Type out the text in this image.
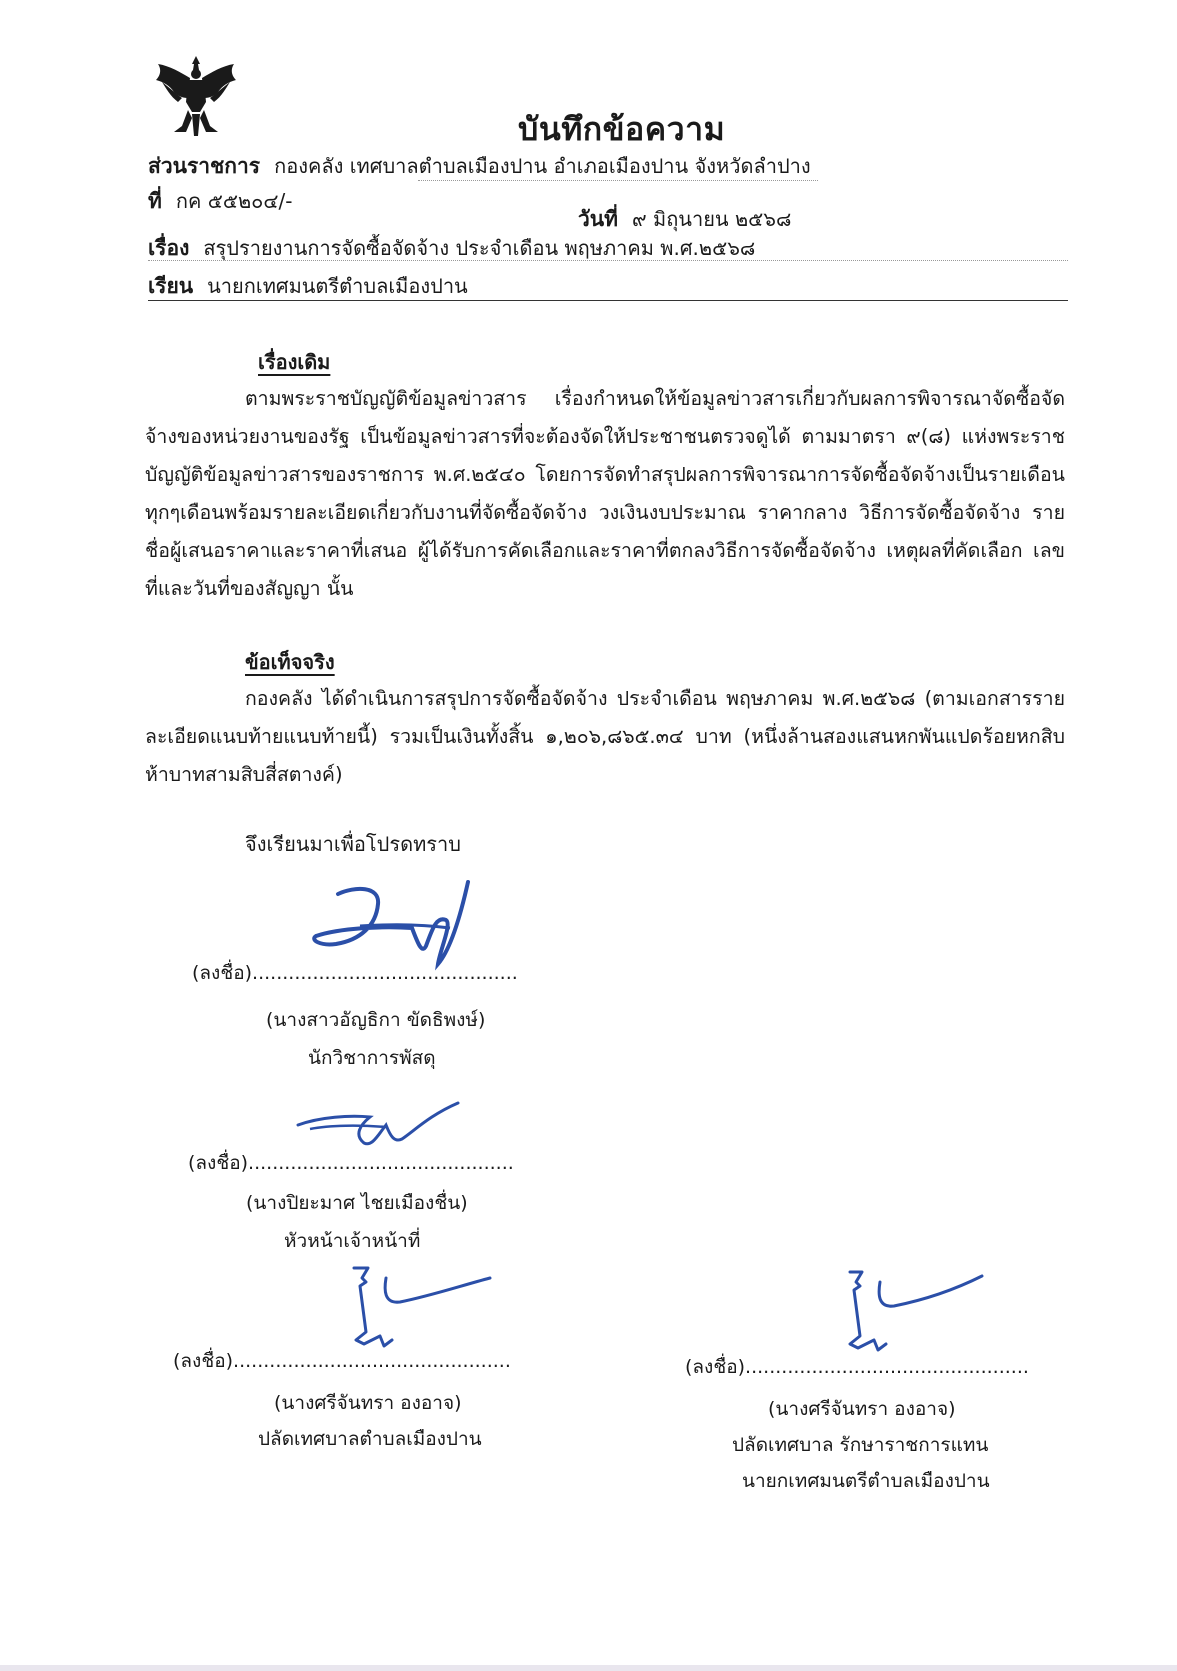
บันทึกข้อความ
ส่วนราชการ กองคลัง เทศบาลตำบลเมืองปาน อำเภอเมืองปาน จังหวัดลำปาง
ที่ กค ๕๕๒๐๔/-
วันที่ ๙ มิถุนายน ๒๕๖๘
เรื่อง สรุปรายงานการจัดซื้อจัดจ้าง ประจำเดือน พฤษภาคม พ.ศ.๒๕๖๘
เรียน นายกเทศมนตรีตำบลเมืองปาน
เรื่องเดิม
ตามพระราชบัญญัติข้อมูลข่าวสาร เรื่องกำหนดให้ข้อมูลข่าวสารเกี่ยวกับผลการพิจารณาจัดซื้อจัดจ้างของหน่วยงานของรัฐ เป็นข้อมูลข่าวสารที่จะต้องจัดให้ประชาชนตรวจดูได้ ตามมาตรา ๙(๘) แห่งพระราชบัญญัติข้อมูลข่าวสารของราชการ พ.ศ.๒๕๔๐ โดยการจัดทำสรุปผลการพิจารณาการจัดซื้อจัดจ้างเป็นรายเดือน ทุกๆเดือนพร้อมรายละเอียดเกี่ยวกับงานที่จัดซื้อจัดจ้าง วงเงินงบประมาณ ราคากลาง วิธีการจัดซื้อจัดจ้าง รายชื่อผู้เสนอราคาและราคาที่เสนอ ผู้ได้รับการคัดเลือกและราคาที่ตกลงวิธีการจัดซื้อจัดจ้าง เหตุผลที่คัดเลือก เลขที่และวันที่ของสัญญา นั้น
ข้อเท็จจริง
กองคลัง ได้ดำเนินการสรุปการจัดซื้อจัดจ้าง ประจำเดือน พฤษภาคม พ.ศ.๒๕๖๘ (ตามเอกสารรายละเอียดแนบท้ายแนบท้ายนี้) รวมเป็นเงินทั้งสิ้น ๑,๒๐๖,๘๖๕.๓๔ บาท (หนึ่งล้านสองแสนหกพันแปดร้อยหกสิบห้าบาทสามสิบสี่สตางค์)
จึงเรียนมาเพื่อโปรดทราบ
(ลงชื่อ)............................................
(นางสาวอัญธิกา ขัดธิพงษ์)
นักวิชาการพัสดุ
(ลงชื่อ)............................................
(นางปิยะมาศ ไชยเมืองชื่น)
หัวหน้าเจ้าหน้าที่
(ลงชื่อ)..............................................
(นางศรีจันทรา องอาจ)
ปลัดเทศบาลตำบลเมืองปาน
(ลงชื่อ)...............................................
(นางศรีจันทรา องอาจ)
ปลัดเทศบาล รักษาราชการแทน
นายกเทศมนตรีตำบลเมืองปาน
